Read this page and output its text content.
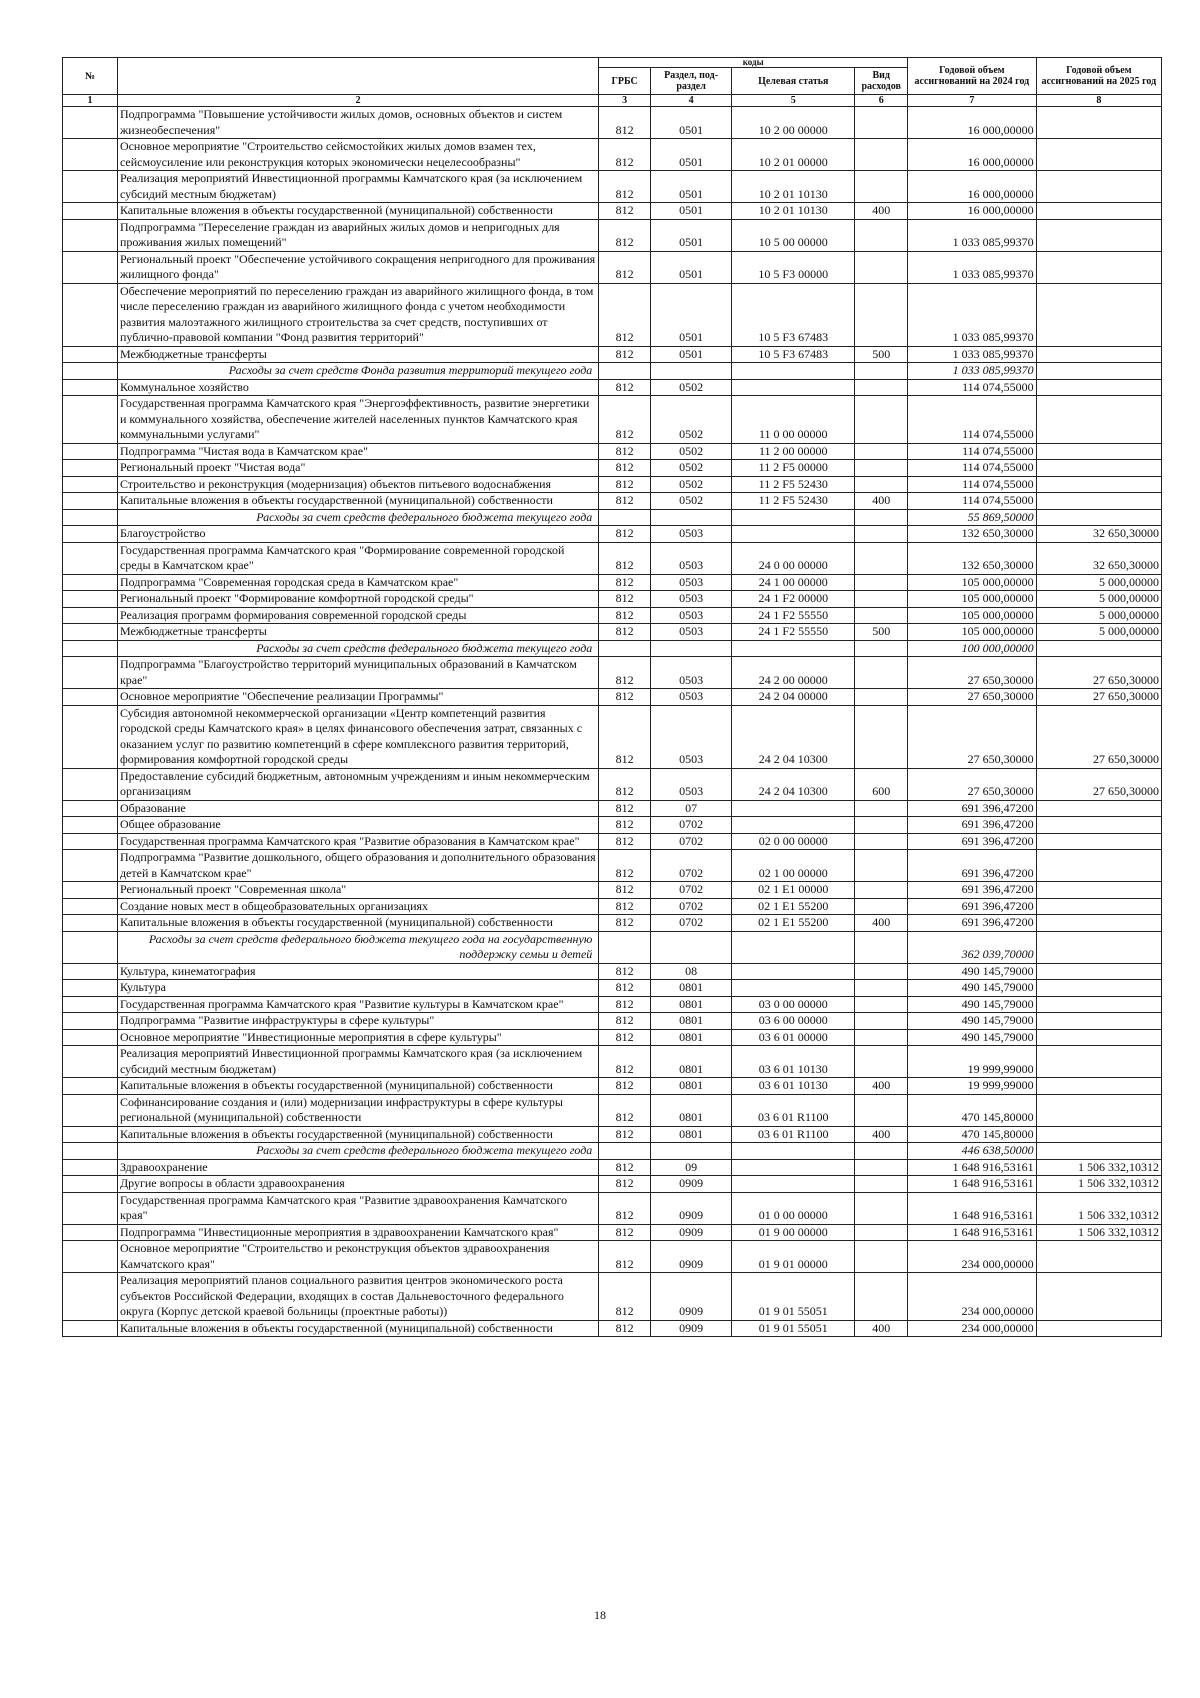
№		коды				Годовой объем ассигнований на 2024 год	Годовой объем ассигнований на 2025 год
		ГРБС	Раздел, под-раздел	Целевая статья	Вид расходов		
1	2	3	4	5	6	7	8
	Подпрограмма "Повышение устойчивости жилых домов, основных объектов и систем жизнеобеспечения"	812	0501	10 2 00 00000		16 000,00000	
	Основное мероприятие "Строительство сейсмостойких жилых домов взамен тех, сейсмоусиление или реконструкция которых экономически нецелесообразны"	812	0501	10 2 01 00000		16 000,00000	
	Реализация мероприятий Инвестиционной программы Камчатского края (за исключением субсидий местным бюджетам)	812	0501	10 2 01 10130		16 000,00000	
	Капитальные вложения в объекты государственной (муниципальной) собственности	812	0501	10 2 01 10130	400	16 000,00000	
	Подпрограмма "Переселение граждан из аварийных жилых домов и непригодных для проживания жилых помещений"	812	0501	10 5 00 00000		1 033 085,99370	
	Региональный проект "Обеспечение устойчивого сокращения непригодного для проживания жилищного фонда"	812	0501	10 5 F3 00000		1 033 085,99370	
	Обеспечение мероприятий по переселению граждан из аварийного жилищного фонда, в том числе переселению граждан из аварийного жилищного фонда с учетом необходимости развития малоэтажного жилищного строительства за счет средств, поступивших от публично-правовой компании "Фонд развития территорий"	812	0501	10 5 F3 67483		1 033 085,99370	
	Межбюджетные трансферты	812	0501	10 5 F3 67483	500	1 033 085,99370	
	Расходы за счет средств Фонда развития территорий текущего года					1 033 085,99370	
	Коммунальное хозяйство	812	0502			114 074,55000	
	Государственная программа Камчатского края "Энергоэффективность, развитие энергетики и коммунального хозяйства, обеспечение жителей населенных пунктов Камчатского края коммунальными услугами"	812	0502	11 0 00 00000		114 074,55000	
	Подпрограмма "Чистая вода в Камчатском крае"	812	0502	11 2 00 00000		114 074,55000	
	Региональный проект "Чистая вода"	812	0502	11 2 F5 00000		114 074,55000	
	Строительство и реконструкция (модернизация) объектов питьевого водоснабжения	812	0502	11 2 F5 52430		114 074,55000	
	Капитальные вложения в объекты государственной (муниципальной) собственности	812	0502	11 2 F5 52430	400	114 074,55000	
	Расходы за счет средств федерального бюджета текущего года					55 869,50000	
	Благоустройство	812	0503			132 650,30000	32 650,30000
	Государственная программа Камчатского края "Формирование современной городской среды в Камчатском крае"	812	0503	24 0 00 00000		132 650,30000	32 650,30000
	Подпрограмма "Современная городская среда в Камчатском крае"	812	0503	24 1 00 00000		105 000,00000	5 000,00000
	Региональный проект "Формирование комфортной городской среды"	812	0503	24 1 F2 00000		105 000,00000	5 000,00000
	Реализация программ формирования современной городской среды	812	0503	24 1 F2 55550		105 000,00000	5 000,00000
	Межбюджетные трансферты	812	0503	24 1 F2 55550	500	105 000,00000	5 000,00000
	Расходы за счет средств федерального бюджета текущего года					100 000,00000	
	Подпрограмма "Благоустройство территорий муниципальных образований в Камчатском крае"	812	0503	24 2 00 00000		27 650,30000	27 650,30000
	Основное мероприятие "Обеспечение реализации Программы"	812	0503	24 2 04 00000		27 650,30000	27 650,30000
	Субсидия автономной некоммерческой организации «Центр компетенций развития городской среды Камчатского края» в целях финансового обеспечения затрат, связанных с оказанием услуг по развитию компетенций в сфере комплексного развития территорий, формирования комфортной городской среды	812	0503	24 2 04 10300		27 650,30000	27 650,30000
	Предоставление субсидий бюджетным, автономным учреждениям и иным некоммерческим организациям	812	0503	24 2 04 10300	600	27 650,30000	27 650,30000
	Образование	812	07			691 396,47200	
	Общее образование	812	0702			691 396,47200	
	Государственная программа Камчатского края "Развитие образования в Камчатском крае"	812	0702	02 0 00 00000		691 396,47200	
	Подпрограмма "Развитие дошкольного, общего образования и дополнительного образования детей в Камчатском крае"	812	0702	02 1 00 00000		691 396,47200	
	Региональный проект "Современная школа"	812	0702	02 1 E1 00000		691 396,47200	
	Создание новых мест в общеобразовательных организациях	812	0702	02 1 E1 55200		691 396,47200	
	Капитальные вложения в объекты государственной (муниципальной) собственности	812	0702	02 1 E1 55200	400	691 396,47200	
	Расходы за счет средств федерального бюджета текущего года на государственную поддержку семьи и детей					362 039,70000	
	Культура, кинематография	812	08			490 145,79000	
	Культура	812	0801			490 145,79000	
	Государственная программа Камчатского края "Развитие культуры в Камчатском крае"	812	0801	03 0 00 00000		490 145,79000	
	Подпрограмма "Развитие инфраструктуры в сфере культуры"	812	0801	03 6 00 00000		490 145,79000	
	Основное мероприятие "Инвестиционные мероприятия в сфере культуры"	812	0801	03 6 01 00000		490 145,79000	
	Реализация мероприятий Инвестиционной программы Камчатского края (за исключением субсидий местным бюджетам)	812	0801	03 6 01 10130		19 999,99000	
	Капитальные вложения в объекты государственной (муниципальной) собственности	812	0801	03 6 01 10130	400	19 999,99000	
	Софинансирование создания и (или) модернизации инфраструктуры в сфере культуры региональной (муниципальной) собственности	812	0801	03 6 01 R1100		470 145,80000	
	Капитальные вложения в объекты государственной (муниципальной) собственности	812	0801	03 6 01 R1100	400	470 145,80000	
	Расходы за счет средств федерального бюджета текущего года					446 638,50000	
	Здравоохранение	812	09			1 648 916,53161	1 506 332,10312
	Другие вопросы в области здравоохранения	812	0909			1 648 916,53161	1 506 332,10312
	Государственная программа Камчатского края "Развитие здравоохранения Камчатского края"	812	0909	01 0 00 00000		1 648 916,53161	1 506 332,10312
	Подпрограмма "Инвестиционные мероприятия в здравоохранении Камчатского края"	812	0909	01 9 00 00000		1 648 916,53161	1 506 332,10312
	Основное мероприятие "Строительство и реконструкция объектов здравоохранения Камчатского края"	812	0909	01 9 01 00000		234 000,00000	
	Реализация мероприятий планов социального развития центров экономического роста субъектов Российской Федерации, входящих в состав Дальневосточного федерального округа (Корпус детской краевой больницы (проектные работы))	812	0909	01 9 01 55051		234 000,00000	
	Капитальные вложения в объекты государственной (муниципальной) собственности	812	0909	01 9 01 55051	400	234 000,00000	
18
